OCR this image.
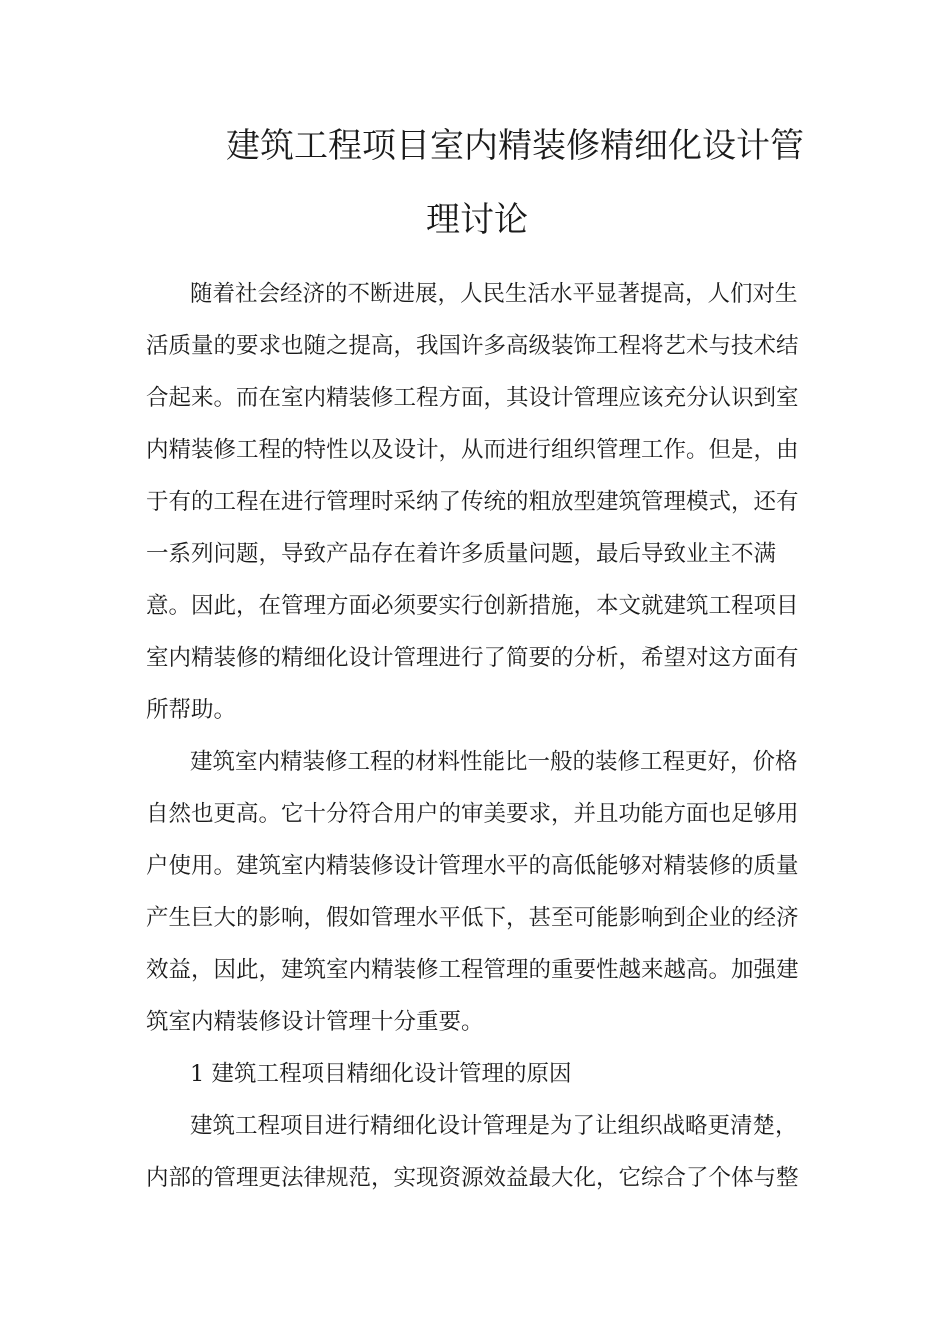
建筑工程项目室内精装修精细化设计管
理讨论
随着社会经济的不断进展，人民生活水平显著提高，人们对生
活质量的要求也随之提高，我国许多高级装饰工程将艺术与技术结
合起来。而在室内精装修工程方面，其设计管理应该充分认识到室
内精装修工程的特性以及设计，从而进行组织管理工作。但是，由
于有的工程在进行管理时采纳了传统的粗放型建筑管理模式，还有
一系列问题，导致产品存在着许多质量问题，最后导致业主不满
意。因此，在管理方面必须要实行创新措施，本文就建筑工程项目
室内精装修的精细化设计管理进行了简要的分析，希望对这方面有
所帮助。
建筑室内精装修工程的材料性能比一般的装修工程更好，价格
自然也更高。它十分符合用户的审美要求，并且功能方面也足够用
户使用。建筑室内精装修设计管理水平的高低能够对精装修的质量
产生巨大的影响，假如管理水平低下，甚至可能影响到企业的经济
效益，因此，建筑室内精装修工程管理的重要性越来越高。加强建
筑室内精装修设计管理十分重要。
1 建筑工程项目精细化设计管理的原因
建筑工程项目进行精细化设计管理是为了让组织战略更清楚，
内部的管理更法律规范，实现资源效益最大化，它综合了个体与整
